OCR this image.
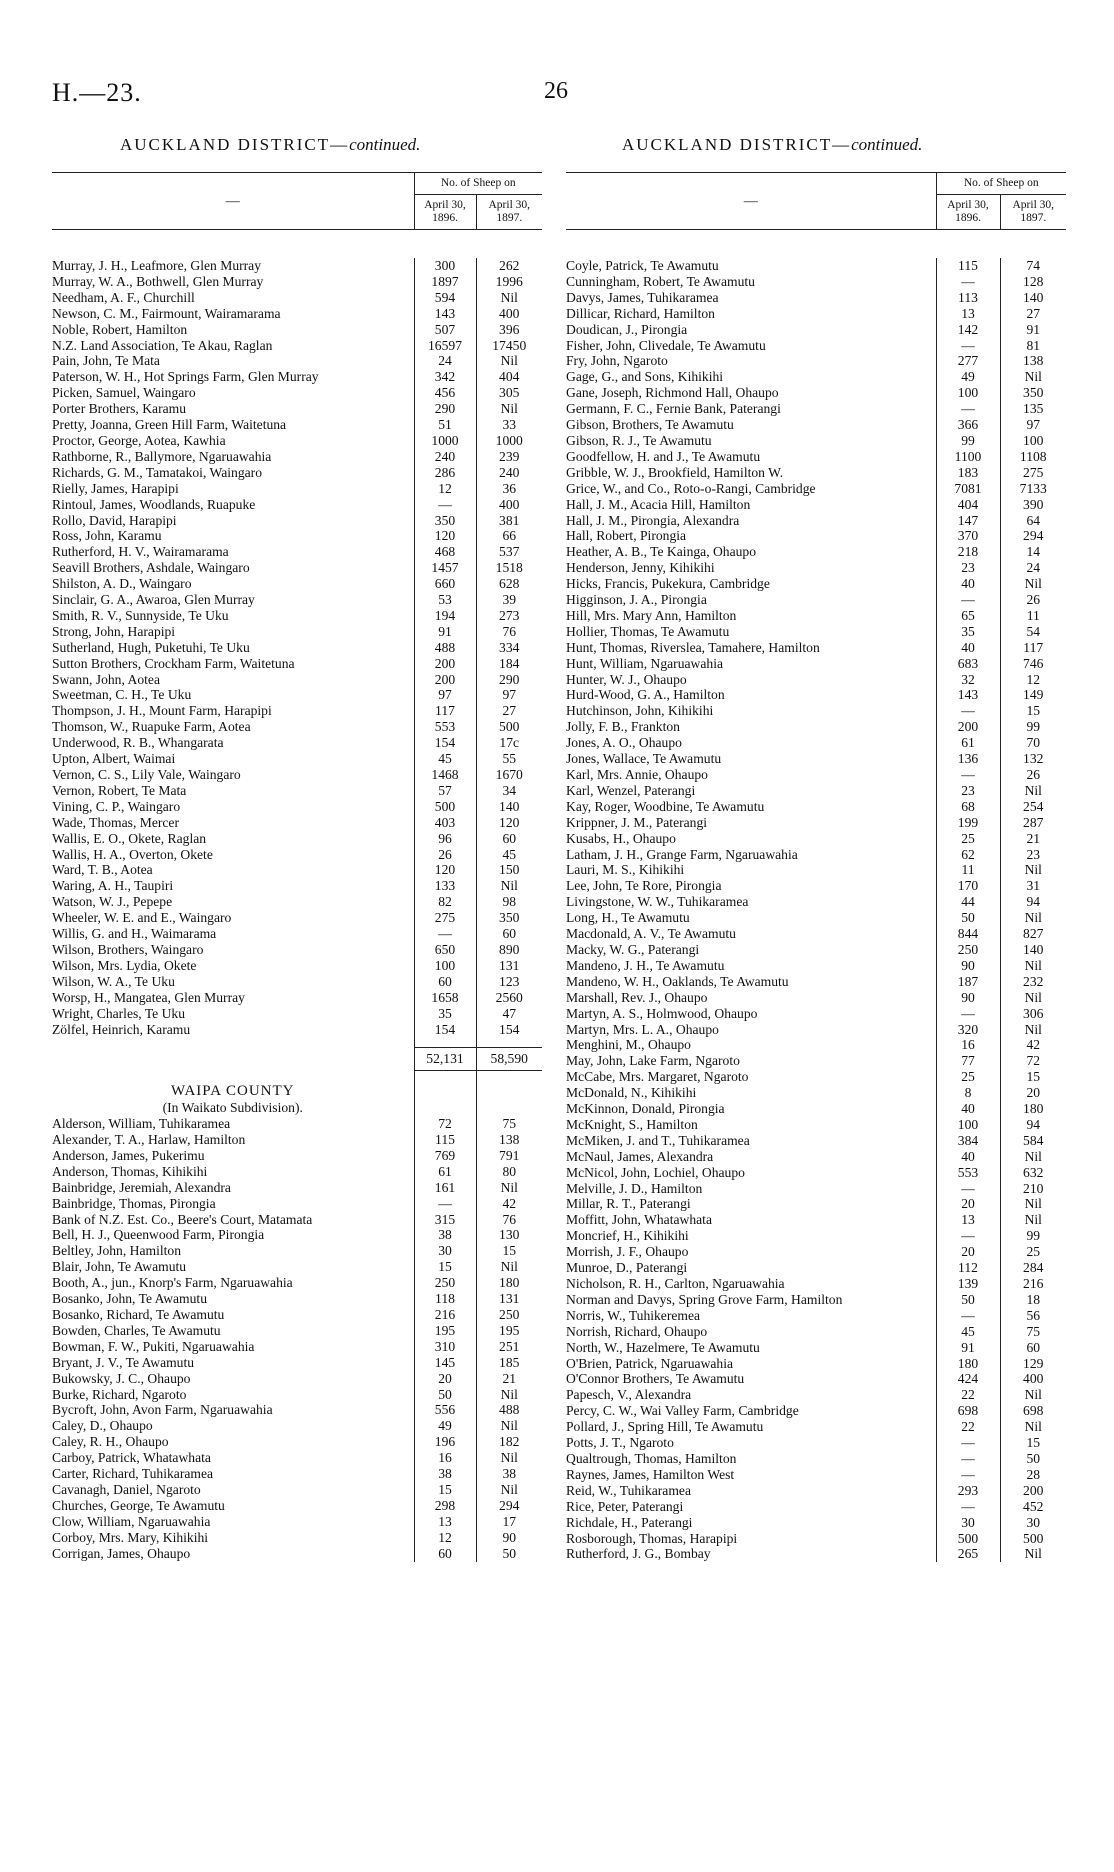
H.—23.	26
AUCKLAND DISTRICT—continued.	AUCKLAND DISTRICT—continued.
—	No. of Sheep on	
	April 30, 1896.	April 30, 1897.

Murray, J. H., Leafmore, Glen Murray	300	262
Murray, W. A., Bothwell, Glen Murray	1897	1996
Needham, A. F., Churchill	594	Nil
Newson, C. M., Fairmount, Wairamarama	143	400
Noble, Robert, Hamilton	507	396
N.Z. Land Association, Te Akau, Raglan	16597	17450
Pain, John, Te Mata	24	Nil
Paterson, W. H., Hot Springs Farm, Glen Murray	342	404
Picken, Samuel, Waingaro	456	305
Porter Brothers, Karamu	290	Nil
Pretty, Joanna, Green Hill Farm, Waitetuna	51	33
Proctor, George, Aotea, Kawhia	1000	1000
Rathborne, R., Ballymore, Ngaruawahia	240	239
Richards, G. M., Tamatakoi, Waingaro	286	240
Rielly, James, Harapipi	12	36
Rintoul, James, Woodlands, Ruapuke	—	400
Rollo, David, Harapipi	350	381
Ross, John, Karamu	120	66
Rutherford, H. V., Wairamarama	468	537
Seavill Brothers, Ashdale, Waingaro	1457	1518
Shilston, A. D., Waingaro	660	628
Sinclair, G. A., Awaroa, Glen Murray	53	39
Smith, R. V., Sunnyside, Te Uku	194	273
Strong, John, Harapipi	91	76
Sutherland, Hugh, Puketuhi, Te Uku	488	334
Sutton Brothers, Crockham Farm, Waitetuna	200	184
Swann, John, Aotea	200	290
Sweetman, C. H., Te Uku	97	97
Thompson, J. H., Mount Farm, Harapipi	117	27
Thomson, W., Ruapuke Farm, Aotea	553	500
Underwood, R. B., Whangarata	154	17c
Upton, Albert, Waimai	45	55
Vernon, C. S., Lily Vale, Waingaro	1468	1670
Vernon, Robert, Te Mata	57	34
Vining, C. P., Waingaro	500	140
Wade, Thomas, Mercer	403	120
Wallis, E. O., Okete, Raglan	96	60
Wallis, H. A., Overton, Okete	26	45
Ward, T. B., Aotea	120	150
Waring, A. H., Taupiri	133	Nil
Watson, W. J., Pepepe	82	98
Wheeler, W. E. and E., Waingaro	275	350
Willis, G. and H., Waimarama	—	60
Wilson, Brothers, Waingaro	650	890
Wilson, Mrs. Lydia, Okete	100	131
Wilson, W. A., Te Uku	60	123
Worsp, H., Mangatea, Glen Murray	1658	2560
Wright, Charles, Te Uku	35	47
Zölfel, Heinrich, Karamu	154	154

	52,131	58,590

WAIPA COUNTY		
(In Waikato Subdivision).		
Alderson, William, Tuhikaramea	72	75
Alexander, T. A., Harlaw, Hamilton	115	138
Anderson, James, Pukerimu	769	791
Anderson, Thomas, Kihikihi	61	80
Bainbridge, Jeremiah, Alexandra	161	Nil
Bainbridge, Thomas, Pirongia	—	42
Bank of N.Z. Est. Co., Beere's Court, Matamata	315	76
Bell, H. J., Queenwood Farm, Pirongia	38	130
Beltley, John, Hamilton	30	15
Blair, John, Te Awamutu	15	Nil
Booth, A., jun., Knorp's Farm, Ngaruawahia	250	180
Bosanko, John, Te Awamutu	118	131
Bosanko, Richard, Te Awamutu	216	250
Bowden, Charles, Te Awamutu	195	195
Bowman, F. W., Pukiti, Ngaruawahia	310	251
Bryant, J. V., Te Awamutu	145	185
Bukowsky, J. C., Ohaupo	20	21
Burke, Richard, Ngaroto	50	Nil
Bycroft, John, Avon Farm, Ngaruawahia	556	488
Caley, D., Ohaupo	49	Nil
Caley, R. H., Ohaupo	196	182
Carboy, Patrick, Whatawhata	16	Nil
Carter, Richard, Tuhikaramea	38	38
Cavanagh, Daniel, Ngaroto	15	Nil
Churches, George, Te Awamutu	298	294
Clow, William, Ngaruawahia	13	17
Corboy, Mrs. Mary, Kihikihi	12	90
Corrigan, James, Ohaupo	60	50
—	No. of Sheep on	
	April 30, 1896.	April 30, 1897.

Coyle, Patrick, Te Awamutu	115	74
Cunningham, Robert, Te Awamutu	—	128
Davys, James, Tuhikaramea	113	140
Dillicar, Richard, Hamilton	13	27
Doudican, J., Pirongia	142	91
Fisher, John, Clivedale, Te Awamutu	—	81
Fry, John, Ngaroto	277	138
Gage, G., and Sons, Kihikihi	49	Nil
Gane, Joseph, Richmond Hall, Ohaupo	100	350
Germann, F. C., Fernie Bank, Paterangi	—	135
Gibson, Brothers, Te Awamutu	366	97
Gibson, R. J., Te Awamutu	99	100
Goodfellow, H. and J., Te Awamutu	1100	1108
Gribble, W. J., Brookfield, Hamilton W.	183	275
Grice, W., and Co., Roto-o-Rangi, Cambridge	7081	7133
Hall, J. M., Acacia Hill, Hamilton	404	390
Hall, J. M., Pirongia, Alexandra	147	64
Hall, Robert, Pirongia	370	294
Heather, A. B., Te Kainga, Ohaupo	218	14
Henderson, Jenny, Kihikihi	23	24
Hicks, Francis, Pukekura, Cambridge	40	Nil
Higginson, J. A., Pirongia	—	26
Hill, Mrs. Mary Ann, Hamilton	65	11
Hollier, Thomas, Te Awamutu	35	54
Hunt, Thomas, Riverslea, Tamahere, Hamilton	40	117
Hunt, William, Ngaruawahia	683	746
Hunter, W. J., Ohaupo	32	12
Hurd-Wood, G. A., Hamilton	143	149
Hutchinson, John, Kihikihi	—	15
Jolly, F. B., Frankton	200	99
Jones, A. O., Ohaupo	61	70
Jones, Wallace, Te Awamutu	136	132
Karl, Mrs. Annie, Ohaupo	—	26
Karl, Wenzel, Paterangi	23	Nil
Kay, Roger, Woodbine, Te Awamutu	68	254
Krippner, J. M., Paterangi	199	287
Kusabs, H., Ohaupo	25	21
Latham, J. H., Grange Farm, Ngaruawahia	62	23
Lauri, M. S., Kihikihi	11	Nil
Lee, John, Te Rore, Pirongia	170	31
Livingstone, W. W., Tuhikaramea	44	94
Long, H., Te Awamutu	50	Nil
Macdonald, A. V., Te Awamutu	844	827
Macky, W. G., Paterangi	250	140
Mandeno, J. H., Te Awamutu	90	Nil
Mandeno, W. H., Oaklands, Te Awamutu	187	232
Marshall, Rev. J., Ohaupo	90	Nil
Martyn, A. S., Holmwood, Ohaupo	—	306
Martyn, Mrs. L. A., Ohaupo	320	Nil
Menghini, M., Ohaupo	16	42
May, John, Lake Farm, Ngaroto	77	72
McCabe, Mrs. Margaret, Ngaroto	25	15
McDonald, N., Kihikihi	8	20
McKinnon, Donald, Pirongia	40	180
McKnight, S., Hamilton	100	94
McMiken, J. and T., Tuhikaramea	384	584
McNaul, James, Alexandra	40	Nil
McNicol, John, Lochiel, Ohaupo	553	632
Melville, J. D., Hamilton	—	210
Millar, R. T., Paterangi	20	Nil
Moffitt, John, Whatawhata	13	Nil
Moncrief, H., Kihikihi	—	99
Morrish, J. F., Ohaupo	20	25
Munroe, D., Paterangi	112	284
Nicholson, R. H., Carlton, Ngaruawahia	139	216
Norman and Davys, Spring Grove Farm, Hamilton	50	18
Norris, W., Tuhikeremea	—	56
Norrish, Richard, Ohaupo	45	75
North, W., Hazelmere, Te Awamutu	91	60
O'Brien, Patrick, Ngaruawahia	180	129
O'Connor Brothers, Te Awamutu	424	400
Papesch, V., Alexandra	22	Nil
Percy, C. W., Wai Valley Farm, Cambridge	698	698
Pollard, J., Spring Hill, Te Awamutu	22	Nil
Potts, J. T., Ngaroto	—	15
Qualtrough, Thomas, Hamilton	—	50
Raynes, James, Hamilton West	—	28
Reid, W., Tuhikaramea	293	200
Rice, Peter, Paterangi	—	452
Richdale, H., Paterangi	30	30
Rosborough, Thomas, Harapipi	500	500
Rutherford, J. G., Bombay	265	Nil
